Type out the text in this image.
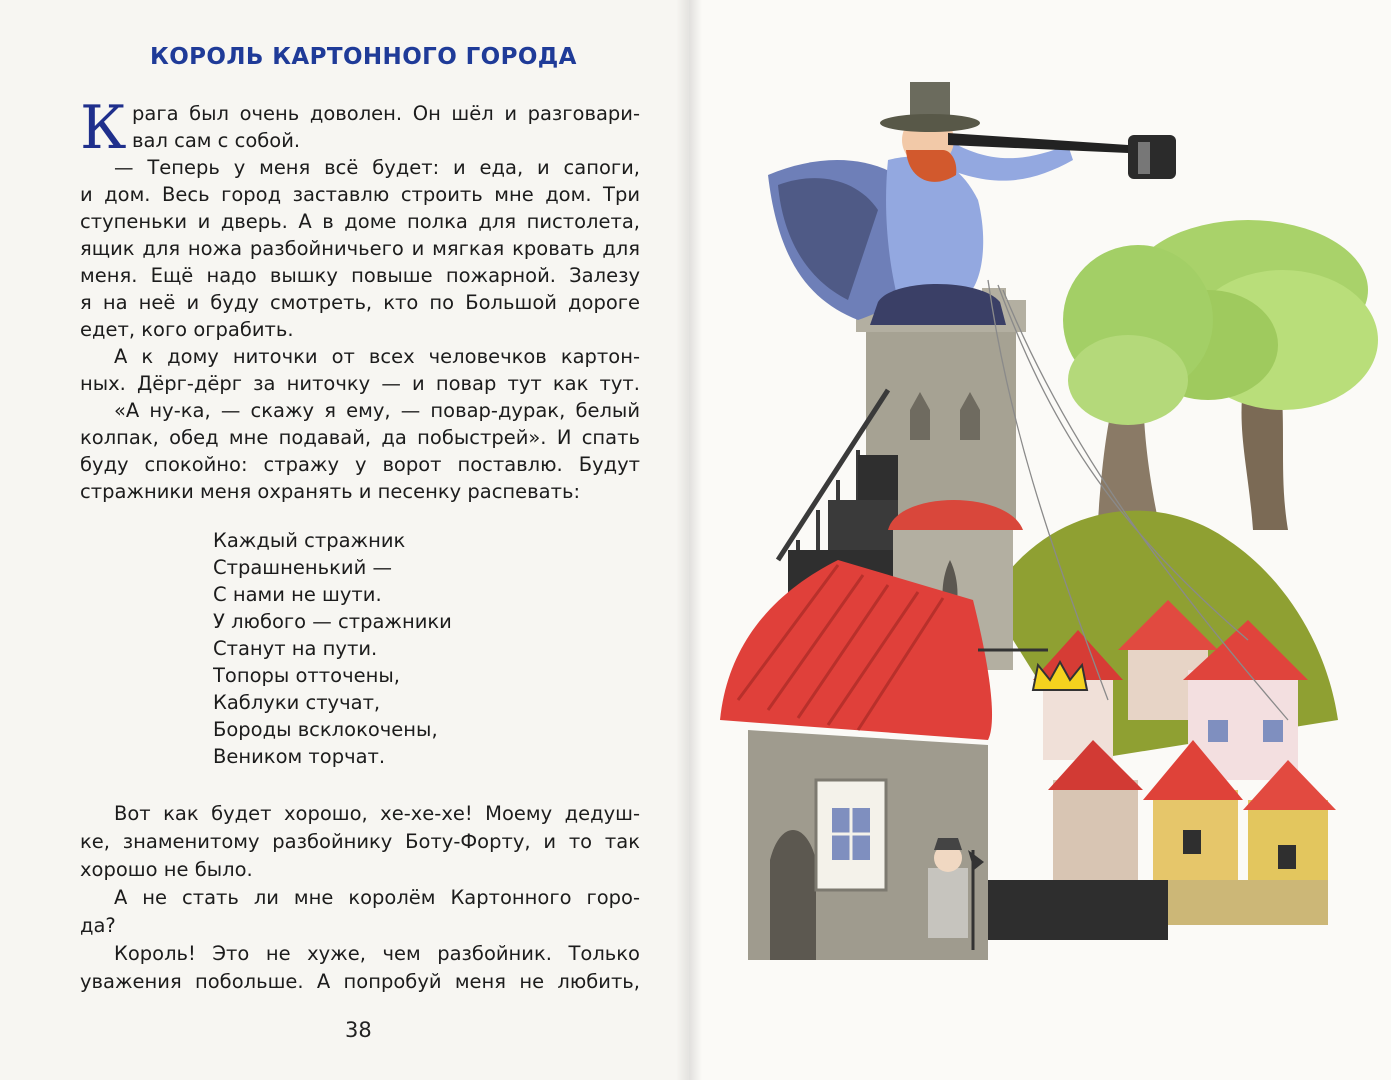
КОРОЛЬ КАРТОННОГО ГОРОДА
К рага был очень доволен. Он шёл и разговари-
вал сам с собой.
— Теперь у меня всё будет: и еда, и сапоги,
и дом. Весь город заставлю строить мне дом. Три
ступеньки и дверь. А в доме полка для пистолета,
ящик для ножа разбойничьего и мягкая кровать для
меня. Ещё надо вышку повыше пожарной. Залезу
я на неё и буду смотреть, кто по Большой дороге
едет, кого ограбить.
А к дому ниточки от всех человечков картон-
ных. Дёрг-дёрг за ниточку — и повар тут как тут.
«А ну-ка, — скажу я ему, — повар-дурак, белый
колпак, обед мне подавай, да побыстрей». И спать
буду спокойно: стражу у ворот поставлю. Будут
стражники меня охранять и песенку распевать:
Каждый стражник
Страшненький —
С нами не шути.
У любого — стражники
Станут на пути.
Топоры отточены,
Каблуки стучат,
Бороды всклокочены,
Веником торчат.
Вот как будет хорошо, хе-хе-хе! Моему дедуш-
ке, знаменитому разбойнику Боту-Форту, и то так
хорошо не было.
А не стать ли мне королём Картонного горо-
да?
Король! Это не хуже, чем разбойник. Только
уважения побольше. А попробуй меня не любить,
38
